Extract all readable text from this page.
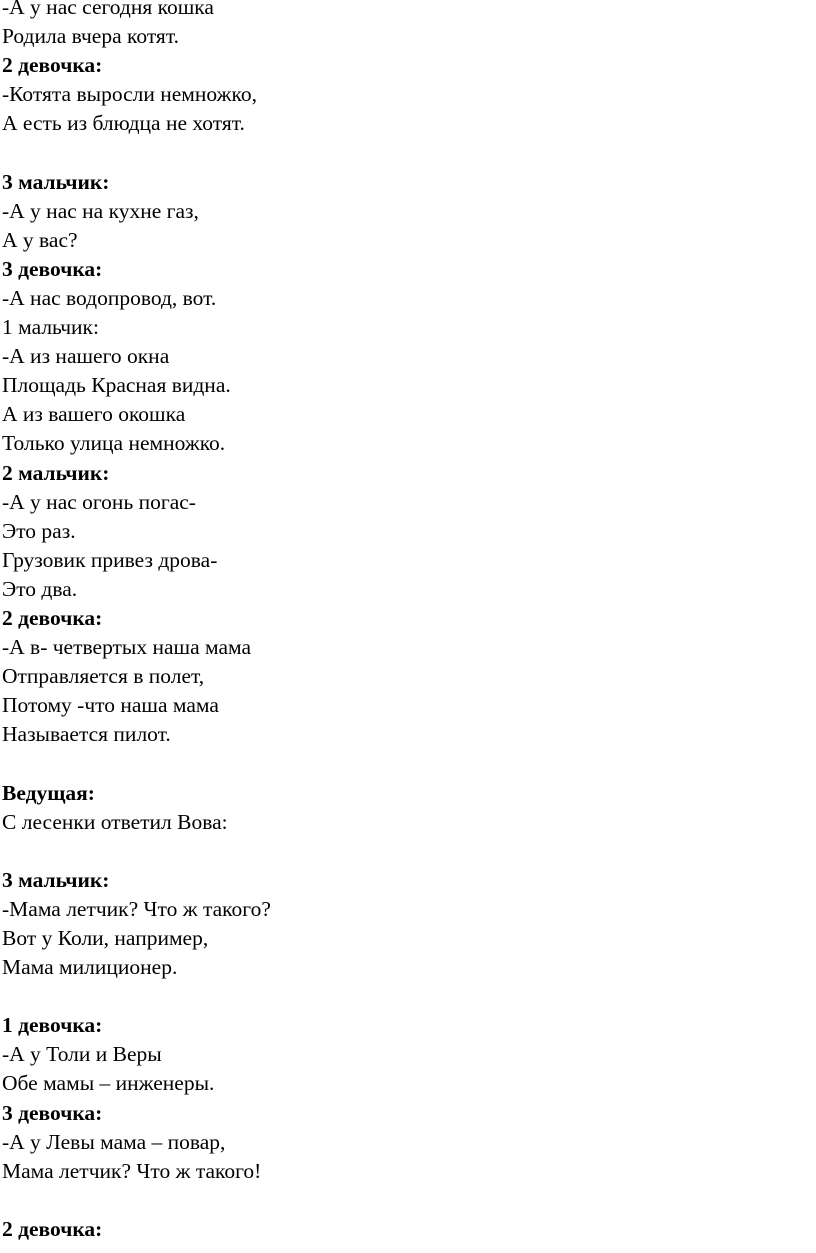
-А у нас сегодня кошка
Родила вчера котят.
2 девочка:
-Котята выросли немножко,
А есть из блюдца не хотят.
3 мальчик:
-А у нас на кухне газ,
А у вас?
3 девочка:
-А нас водопровод, вот.
1 мальчик:
-А из нашего окна
Площадь Красная видна.
А из вашего окошка
Только улица немножко.
2 мальчик:
-А у нас огонь погас-
Это раз.
Грузовик привез дрова-
Это два.
2 девочка:
-А в- четвертых наша мама
Отправляется в полет,
Потому -что наша мама
Называется пилот.
Ведущая:
С лесенки ответил Вова:
3 мальчик:
-Мама летчик? Что ж такого?
Вот у Коли, например,
Мама милиционер.
1 девочка:
-А у Толи и Веры
Обе мамы – инженеры.
3 девочка:
-А у Левы мама – повар,
Мама летчик? Что ж такого!
2 девочка:
